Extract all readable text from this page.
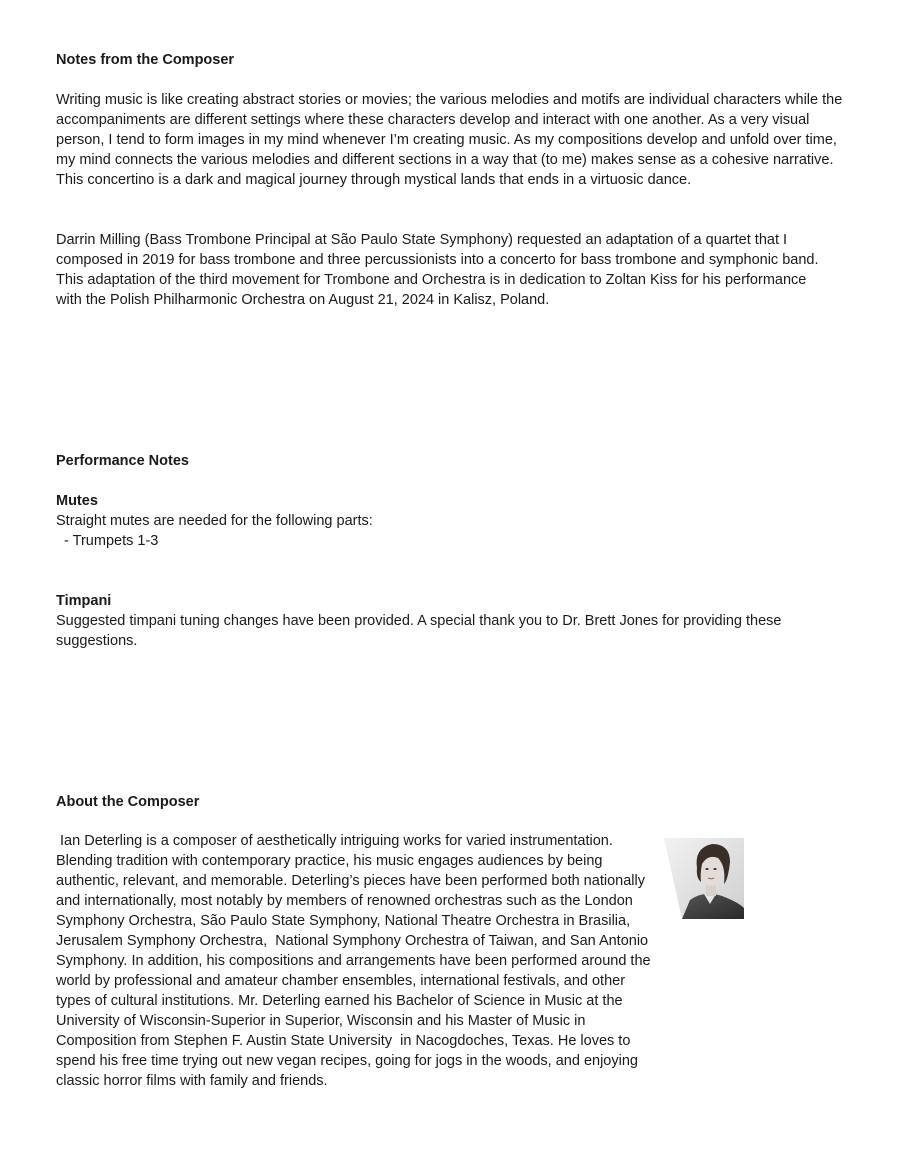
Notes from the Composer

Writing music is like creating abstract stories or movies; the various melodies and motifs are individual characters while the accompaniments are different settings where these characters develop and interact with one another. As a very visual person, I tend to form images in my mind whenever I’m creating music. As my compositions develop and unfold over time, my mind connects the various melodies and different sections in a way that (to me) makes sense as a cohesive narrative. This concertino is a dark and magical journey through mystical lands that ends in a virtuosic dance.

Darrin Milling (Bass Trombone Principal at São Paulo State Symphony) requested an adaptation of a quartet that I composed in 2019 for bass trombone and three percussionists into a concerto for bass trombone and symphonic band. This adaptation of the third movement for Trombone and Orchestra is in dedication to Zoltan Kiss for his performance with the Polish Philharmonic Orchestra on August 21, 2024 in Kalisz, Poland.

Performance Notes
Mutes

Straight mutes are needed for the following parts:

- Trumpets 1-3

Timpani

Suggested timpani tuning changes have been provided. A special thank you to Dr. Brett Jones for providing these suggestions.

About the Composer

Ian Deterling is a composer of aesthetically intriguing works for varied instrumentation. Blending tradition with contemporary practice, his music engages audiences by being authentic, relevant, and memorable. Deterling’s pieces have been performed both nationally and internationally, most notably by members of renowned orchestras such as the London Symphony Orchestra, São Paulo State Symphony, National Theatre Orchestra in Brasilia, Jerusalem Symphony Orchestra,  National Symphony Orchestra of Taiwan, and San Antonio Symphony. In addition, his compositions and arrangements have been performed around the world by professional and amateur chamber ensembles, international festivals, and other types of cultural institutions. Mr. Deterling earned his Bachelor of Science in Music at the University of Wisconsin-Superior in Superior, Wisconsin and his Master of Music in Composition from Stephen F. Austin State University  in Nacogdoches, Texas. He loves to spend his free time trying out new vegan recipes, going for jogs in the woods, and enjoying classic horror films with family and friends.
